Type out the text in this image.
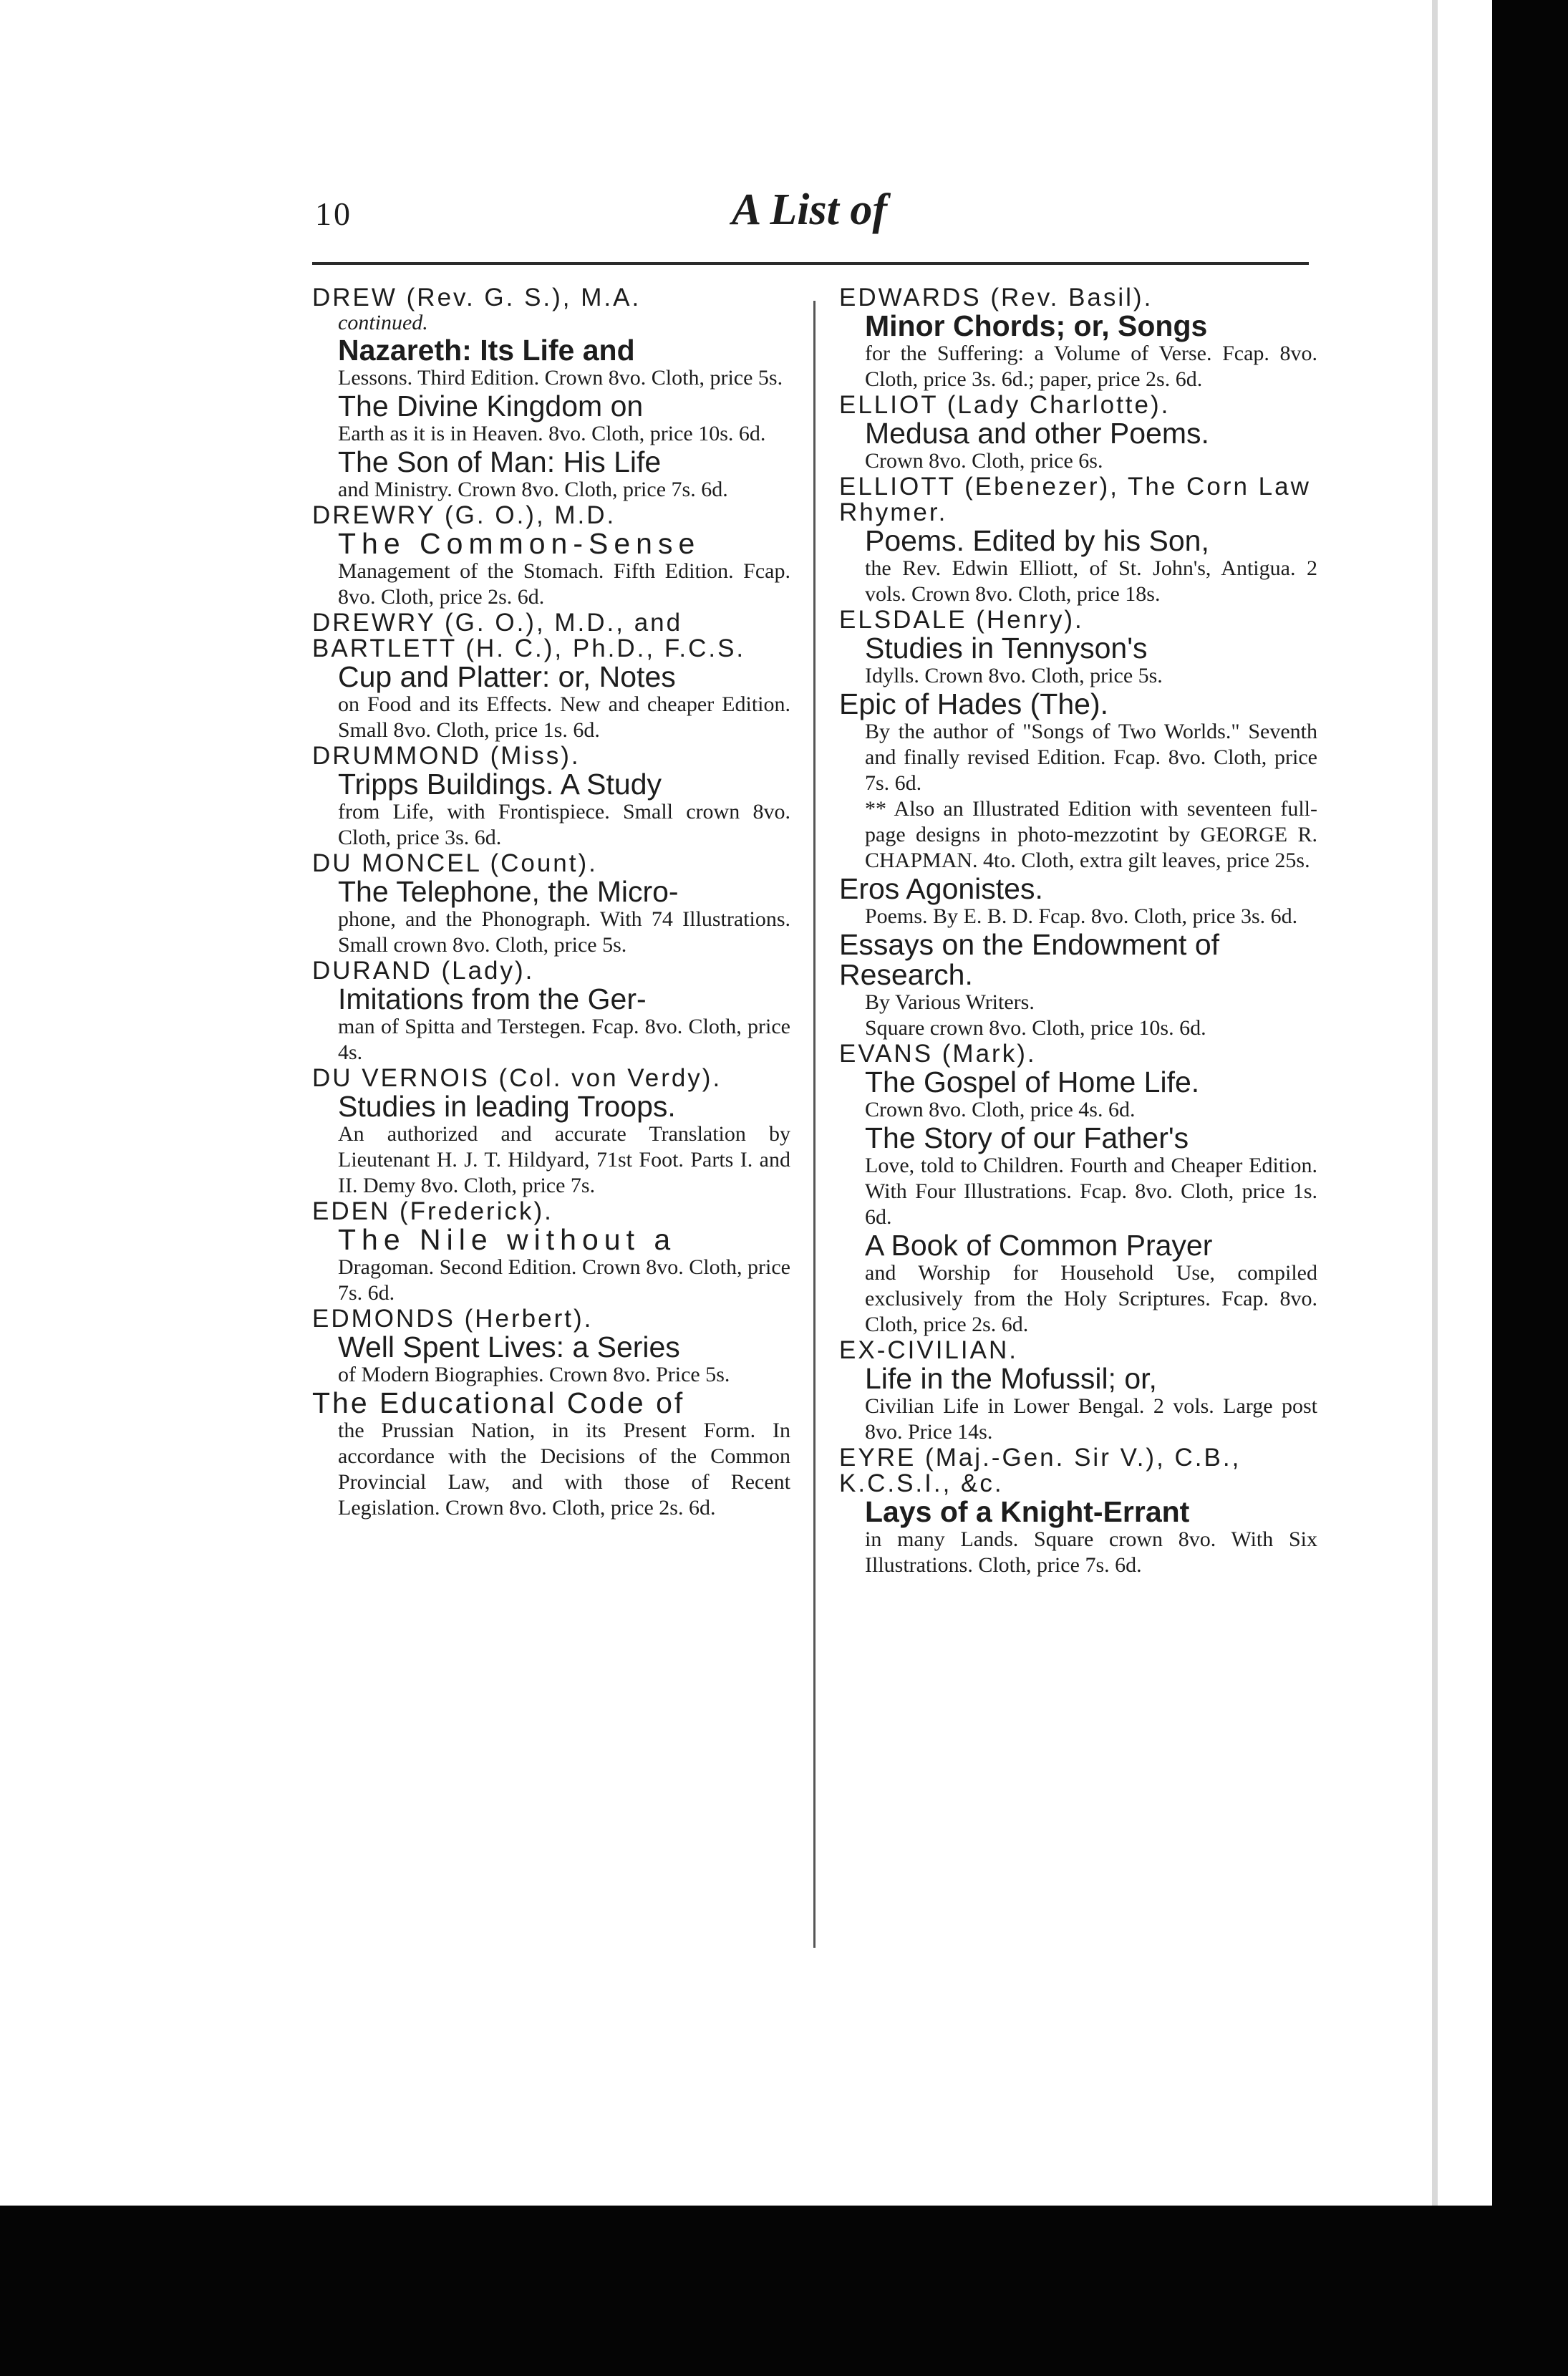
10	A List of
DREW (Rev. G. S.), M.A.
continued.
Nazareth: Its Life and
Lessons. Third Edition. Crown 8vo. Cloth, price 5s.
The Divine Kingdom on
Earth as it is in Heaven. 8vo. Cloth, price 10s. 6d.
The Son of Man: His Life
and Ministry. Crown 8vo. Cloth, price 7s. 6d.
DREWRY (G. O.), M.D.
The Common-Sense
Management of the Stomach. Fifth Edition. Fcap. 8vo. Cloth, price 2s. 6d.
DREWRY (G. O.), M.D., and BARTLETT (H. C.), Ph.D., F.C.S.
Cup and Platter: or, Notes
on Food and its Effects. New and cheaper Edition. Small 8vo. Cloth, price 1s. 6d.
DRUMMOND (Miss).
Tripps Buildings. A Study
from Life, with Frontispiece. Small crown 8vo. Cloth, price 3s. 6d.
DU MONCEL (Count).
The Telephone, the Micro-
phone, and the Phonograph. With 74 Illustrations. Small crown 8vo. Cloth, price 5s.
DURAND (Lady).
Imitations from the Ger-
man of Spitta and Terstegen. Fcap. 8vo. Cloth, price 4s.
DU VERNOIS (Col. von Verdy).
Studies in leading Troops.
An authorized and accurate Translation by Lieutenant H. J. T. Hildyard, 71st Foot. Parts I. and II. Demy 8vo. Cloth, price 7s.
EDEN (Frederick).
The Nile without a
Dragoman. Second Edition. Crown 8vo. Cloth, price 7s. 6d.
EDMONDS (Herbert).
Well Spent Lives: a Series
of Modern Biographies. Crown 8vo. Price 5s.
The Educational Code of
the Prussian Nation, in its Present Form. In accordance with the Decisions of the Common Provincial Law, and with those of Recent Legislation. Crown 8vo. Cloth, price 2s. 6d.
EDWARDS (Rev. Basil).
Minor Chords; or, Songs
for the Suffering: a Volume of Verse. Fcap. 8vo. Cloth, price 3s. 6d.; paper, price 2s. 6d.
ELLIOT (Lady Charlotte).
Medusa and other Poems.
Crown 8vo. Cloth, price 6s.
ELLIOTT (Ebenezer), The Corn Law Rhymer.
Poems. Edited by his Son,
the Rev. Edwin Elliott, of St. John's, Antigua. 2 vols. Crown 8vo. Cloth, price 18s.
ELSDALE (Henry).
Studies in Tennyson's
Idylls. Crown 8vo. Cloth, price 5s.
Epic of Hades (The).
By the author of "Songs of Two Worlds." Seventh and finally revised Edition. Fcap. 8vo. Cloth, price 7s. 6d.
** Also an Illustrated Edition with seventeen full-page designs in photo-mezzotint by GEORGE R. CHAPMAN. 4to. Cloth, extra gilt leaves, price 25s.
Eros Agonistes.
Poems. By E. B. D. Fcap. 8vo. Cloth, price 3s. 6d.
Essays on the Endowment of Research.
By Various Writers.
Square crown 8vo. Cloth, price 10s. 6d.
EVANS (Mark).
The Gospel of Home Life.
Crown 8vo. Cloth, price 4s. 6d.
The Story of our Father's
Love, told to Children. Fourth and Cheaper Edition. With Four Illustrations. Fcap. 8vo. Cloth, price 1s. 6d.
A Book of Common Prayer
and Worship for Household Use, compiled exclusively from the Holy Scriptures. Fcap. 8vo. Cloth, price 2s. 6d.
EX-CIVILIAN.
Life in the Mofussil; or,
Civilian Life in Lower Bengal. 2 vols. Large post 8vo. Price 14s.
EYRE (Maj.-Gen. Sir V.), C.B., K.C.S.I., &c.
Lays of a Knight-Errant
in many Lands. Square crown 8vo. With Six Illustrations. Cloth, price 7s. 6d.
